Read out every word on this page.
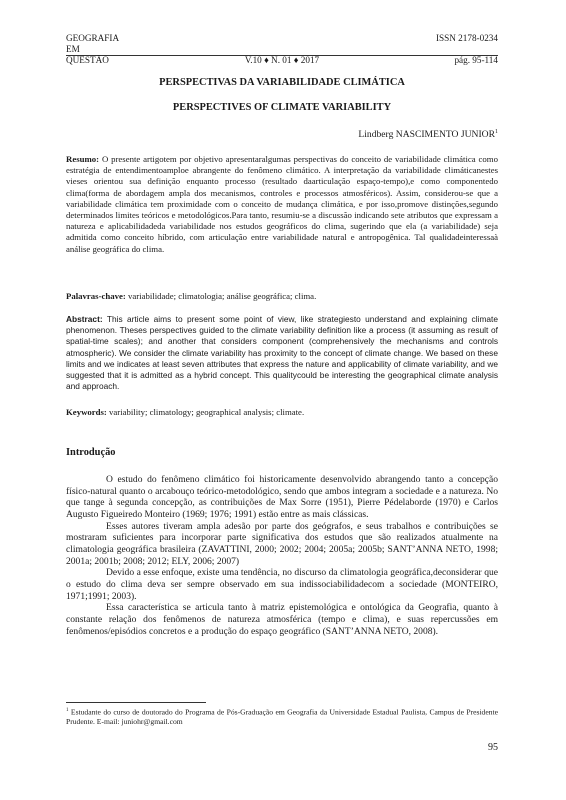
GEOGRAFIA	ISSN 2178-0234
EM
QUESTÃO	V.10 ♦ N. 01 ♦ 2017	pág. 95-114
PERSPECTIVAS DA VARIABILIDADE CLIMÁTICA
PERSPECTIVES OF CLIMATE VARIABILITY
Lindberg NASCIMENTO JUNIOR$^1$
Resumo: O presente artigotem por objetivo apresentaralgumas perspectivas do conceito de variabilidade climática como estratégia de entendimentoamploe abrangente do fenômeno climático. A interpretação da variabilidade climáticanestes vieses orientou sua definição enquanto processo (resultado daarticulação espaço-tempo),e como componentedo clima(forma de abordagem ampla dos mecanismos, controles e processos atmosféricos). Assim, considerou-se que a variabilidade climática tem proximidade com o conceito de mudança climática, e por isso,promove distinções,segundo determinados limites teóricos e metodológicos.Para tanto, resumiu-se a discussão indicando sete atributos que expressam a natureza e aplicabilidadeda variabilidade nos estudos geográficos do clima, sugerindo que ela (a variabilidade) seja admitida como conceito híbrido, com articulação entre variabilidade natural e antropogênica. Tal qualidadeinteressaà análise geográfica do clima.
Palavras-chave: variabilidade; climatologia; análise geográfica; clima.
Abstract: This article aims to present some point of view, like strategiesto understand and explaining climate phenomenon. Theses perspectives guided to the climate variability definition like a process (it assuming as result of spatial-time scales); and another that considers component (comprehensively the mechanisms and controls atmospheric). We consider the climate variability has proximity to the concept of climate change. We based on these limits and we indicates at least seven attributes that express the nature and applicability of climate variability, and we suggested that it is admitted as a hybrid concept. This qualitycould be interesting the geographical climate analysis and approach.
Keywords: variability; climatology; geographical analysis; climate.
Introdução

O estudo do fenômeno climático foi historicamente desenvolvido abrangendo tanto a concepção físico-natural quanto o arcabouço teórico-metodológico, sendo que ambos integram a sociedade e a natureza. No que tange à segunda concepção, as contribuições de Max Sorre (1951), Pierre Pédelaborde (1970) e Carlos Augusto Figueiredo Monteiro (1969; 1976; 1991) estão entre as mais clássicas.

Esses autores tiveram ampla adesão por parte dos geógrafos, e seus trabalhos e contribuições se mostraram suficientes para incorporar parte significativa dos estudos que são realizados atualmente na climatologia geográfica brasileira (ZAVATTINI, 2000; 2002; 2004; 2005a; 2005b; SANT’ANNA NETO, 1998; 2001a; 2001b; 2008; 2012; ELY, 2006; 2007)

Devido a esse enfoque, existe uma tendência, no discurso da climatologia geográfica,deconsiderar que o estudo do clima deva ser sempre observado em sua indissociabilidadecom a sociedade (MONTEIRO, 1971;1991; 2003).

Essa característica se articula tanto à matriz epistemológica e ontológica da Geografia, quanto à constante relação dos fenômenos de natureza atmosférica (tempo e clima), e suas repercussões em fenômenos/episódios concretos e a produção do espaço geográfico (SANT’ANNA NETO, 2008).

$^1$ Estudante do curso de doutorado do Programa de Pós-Graduação em Geografia da Universidade Estadual Paulista, Campus de Presidente Prudente. E-mail: juniohr@gmail.com
95
